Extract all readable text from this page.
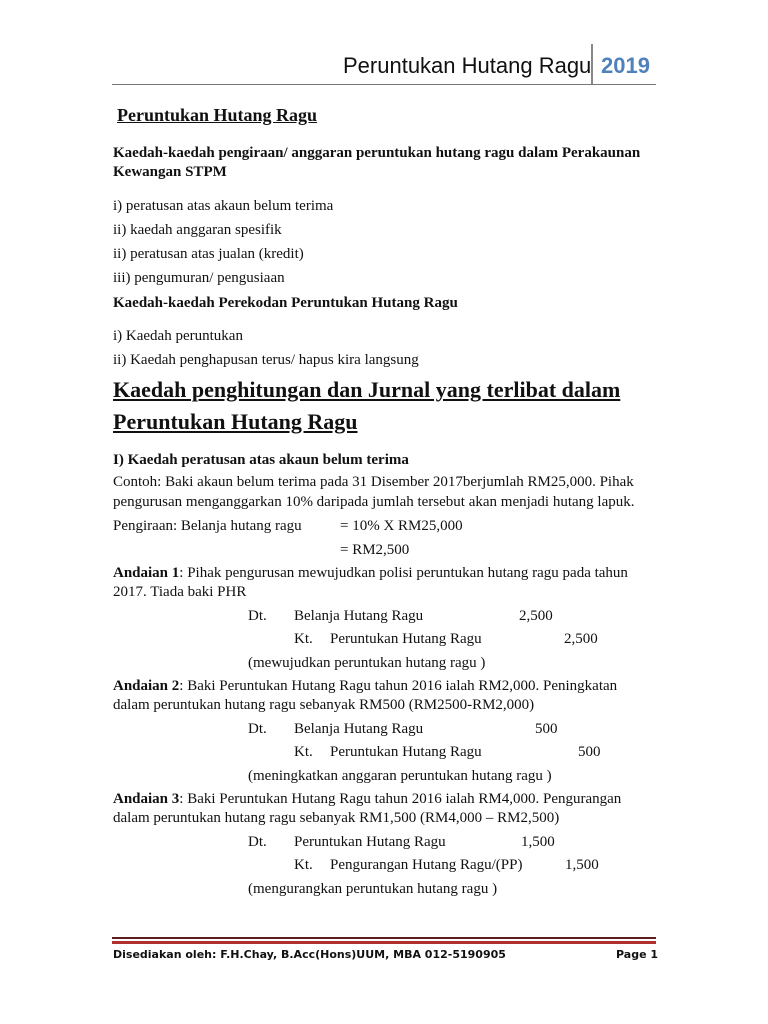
Peruntukan Hutang Ragu 2019
Peruntukan Hutang Ragu
Kaedah-kaedah pengiraan/ anggaran peruntukan hutang ragu dalam Perakaunan
Kewangan STPM
i) peratusan atas akaun belum terima
ii) kaedah anggaran spesifik
ii) peratusan atas jualan (kredit)
iii) pengumuran/ pengusiaan
Kaedah-kaedah Perekodan Peruntukan Hutang Ragu
i) Kaedah peruntukan
ii) Kaedah penghapusan terus/ hapus kira langsung
Kaedah penghitungan dan Jurnal yang terlibat dalam
Peruntukan Hutang Ragu
I) Kaedah peratusan atas akaun belum terima
Contoh: Baki akaun belum terima pada 31 Disember 2017berjumlah RM25,000. Pihak
pengurusan menganggarkan 10% daripada jumlah tersebut akan menjadi hutang lapuk.
Pengiraan: Belanja hutang ragu	= 10% X RM25,000
= RM2,500
Andaian 1: Pihak pengurusan mewujudkan polisi peruntukan hutang ragu pada tahun
2017. Tiada baki PHR
Dt. Belanja Hutang Ragu	2,500
Kt. Peruntukan Hutang Ragu	2,500
(mewujudkan peruntukan hutang ragu )
Andaian 2: Baki Peruntukan Hutang Ragu tahun 2016 ialah RM2,000. Peningkatan
dalam peruntukan hutang ragu sebanyak RM500 (RM2500-RM2,000)
Dt. Belanja Hutang Ragu	500
Kt. Peruntukan Hutang Ragu	500
(meningkatkan anggaran peruntukan hutang ragu )
Andaian 3: Baki Peruntukan Hutang Ragu tahun 2016 ialah RM4,000. Pengurangan
dalam peruntukan hutang ragu sebanyak RM1,500 (RM4,000 – RM2,500)
Dt. Peruntukan Hutang Ragu	1,500
Kt. Pengurangan Hutang Ragu/(PP)	1,500
(mengurangkan peruntukan hutang ragu )
Disediakan oleh: F.H.Chay, B.Acc(Hons)UUM, MBA 012-5190905	Page 1
